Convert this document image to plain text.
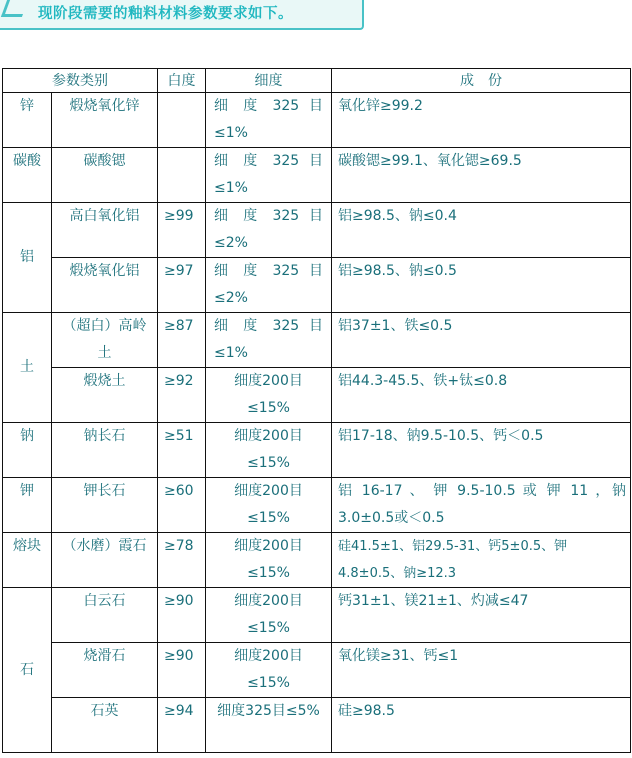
现阶段需要的釉料材料参数要求如下。
参数类别		白度	细度	成　份
锌	煅烧氧化锌		细 度 325 目≤1%	氧化锌≥99.2
碳酸	碳酸锶		细 度 325 目≤1%	碳酸锶≥99.1、氧化锶≥69.5
铝	高白氧化铝	≥99	细 度 325 目≤2%	铝≥98.5、钠≤0.4
	煅烧氧化铝	≥97	细 度 325 目≤2%	铝≥98.5、钠≤0.5
土	（超白）高岭土	≥87	细 度 325 目≤1%	铝37±1、铁≤0.5
	煅烧土	≥92	细度200目≤15%	铝44.3-45.5、铁+钛≤0.8
钠	钠长石	≥51	细度200目≤15%	铝17-18、钠9.5-10.5、钙＜0.5
钾	钾长石	≥60	细度200目≤15%	铝 16-17 、 钾 9.5-10.5 或 钾 11 ，钠3.0±0.5或＜0.5
熔块	（水磨）霞石	≥78	细度200目≤15%	硅41.5±1、铝29.5-31、钙5±0.5、钾4.8±0.5、钠≥12.3
石	白云石	≥90	细度200目≤15%	钙31±1、镁21±1、灼减≤47
	烧滑石	≥90	细度200目≤15%	氧化镁≥31、钙≤1
	石英	≥94	细度325目≤5%	硅≥98.5
